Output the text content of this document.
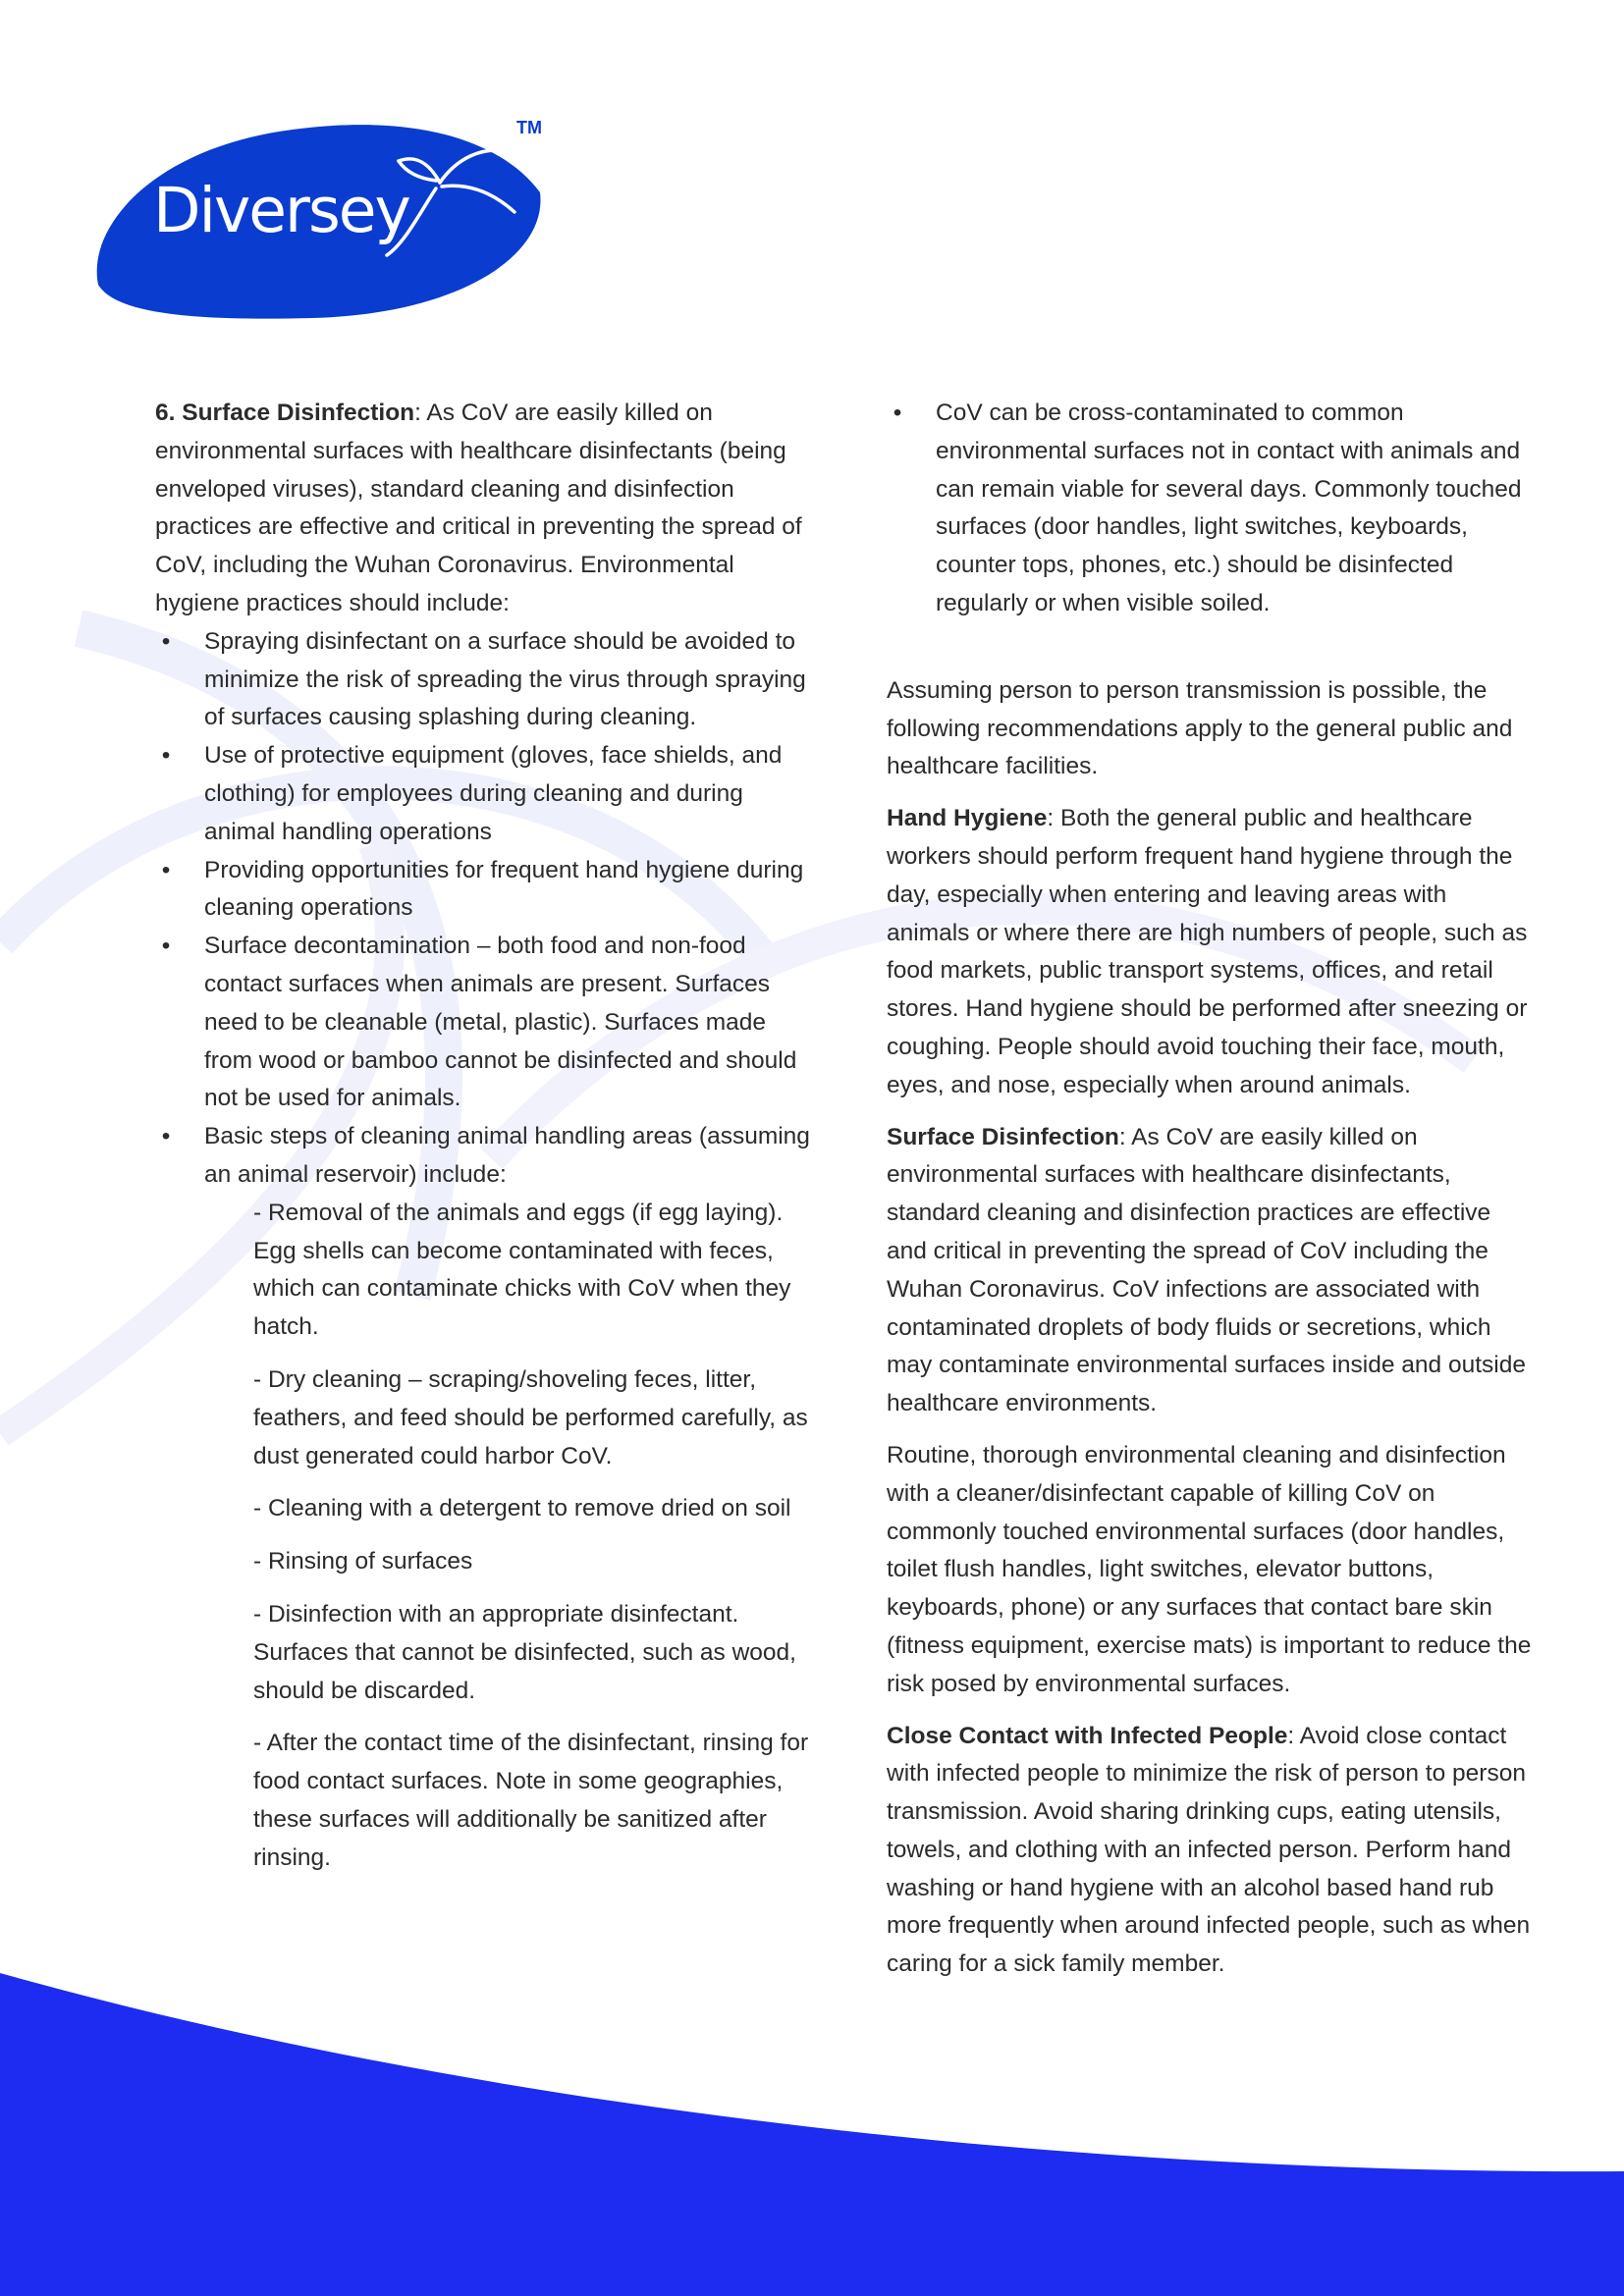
Diversey
TM

6. Surface Disinfection: As CoV are easily killed on environmental surfaces with healthcare disinfectants (being enveloped viruses), standard cleaning and disinfection practices are effective and critical in preventing the spread of CoV, including the Wuhan Coronavirus. Environmental hygiene practices should include:

• Spraying disinfectant on a surface should be avoided to minimize the risk of spreading the virus through spraying of surfaces causing splashing during cleaning.
• Use of protective equipment (gloves, face shields, and clothing) for employees during cleaning and during animal handling operations
• Providing opportunities for frequent hand hygiene during cleaning operations
• Surface decontamination – both food and non-food contact surfaces when animals are present. Surfaces need to be cleanable (metal, plastic). Surfaces made from wood or bamboo cannot be disinfected and should not be used for animals.
• Basic steps of cleaning animal handling areas (assuming an animal reservoir) include:

- Removal of the animals and eggs (if egg laying). Egg shells can become contaminated with feces, which can contaminate chicks with CoV when they hatch.

- Dry cleaning – scraping/shoveling feces, litter, feathers, and feed should be performed carefully, as dust generated could harbor CoV.

- Cleaning with a detergent to remove dried on soil

- Rinsing of surfaces

- Disinfection with an appropriate disinfectant. Surfaces that cannot be disinfected, such as wood, should be discarded.

- After the contact time of the disinfectant, rinsing for food contact surfaces. Note in some geographies, these surfaces will additionally be sanitized after rinsing.

• CoV can be cross-contaminated to common environmental surfaces not in contact with animals and can remain viable for several days. Commonly touched surfaces (door handles, light switches, keyboards, counter tops, phones, etc.) should be disinfected regularly or when visible soiled.

Assuming person to person transmission is possible, the following recommendations apply to the general public and healthcare facilities.

Hand Hygiene: Both the general public and healthcare workers should perform frequent hand hygiene through the day, especially when entering and leaving areas with animals or where there are high numbers of people, such as food markets, public transport systems, offices, and retail stores. Hand hygiene should be performed after sneezing or coughing. People should avoid touching their face, mouth, eyes, and nose, especially when around animals.

Surface Disinfection: As CoV are easily killed on environmental surfaces with healthcare disinfectants, standard cleaning and disinfection practices are effective and critical in preventing the spread of CoV including the Wuhan Coronavirus. CoV infections are associated with contaminated droplets of body fluids or secretions, which may contaminate environmental surfaces inside and outside healthcare environments.

Routine, thorough environmental cleaning and disinfection with a cleaner/disinfectant capable of killing CoV on commonly touched environmental surfaces (door handles, toilet flush handles, light switches, elevator buttons, keyboards, phone) or any surfaces that contact bare skin (fitness equipment, exercise mats) is important to reduce the risk posed by environmental surfaces.

Close Contact with Infected People: Avoid close contact with infected people to minimize the risk of person to person transmission. Avoid sharing drinking cups, eating utensils, towels, and clothing with an infected person. Perform hand washing or hand hygiene with an alcohol based hand rub more frequently when around infected people, such as when caring for a sick family member.
